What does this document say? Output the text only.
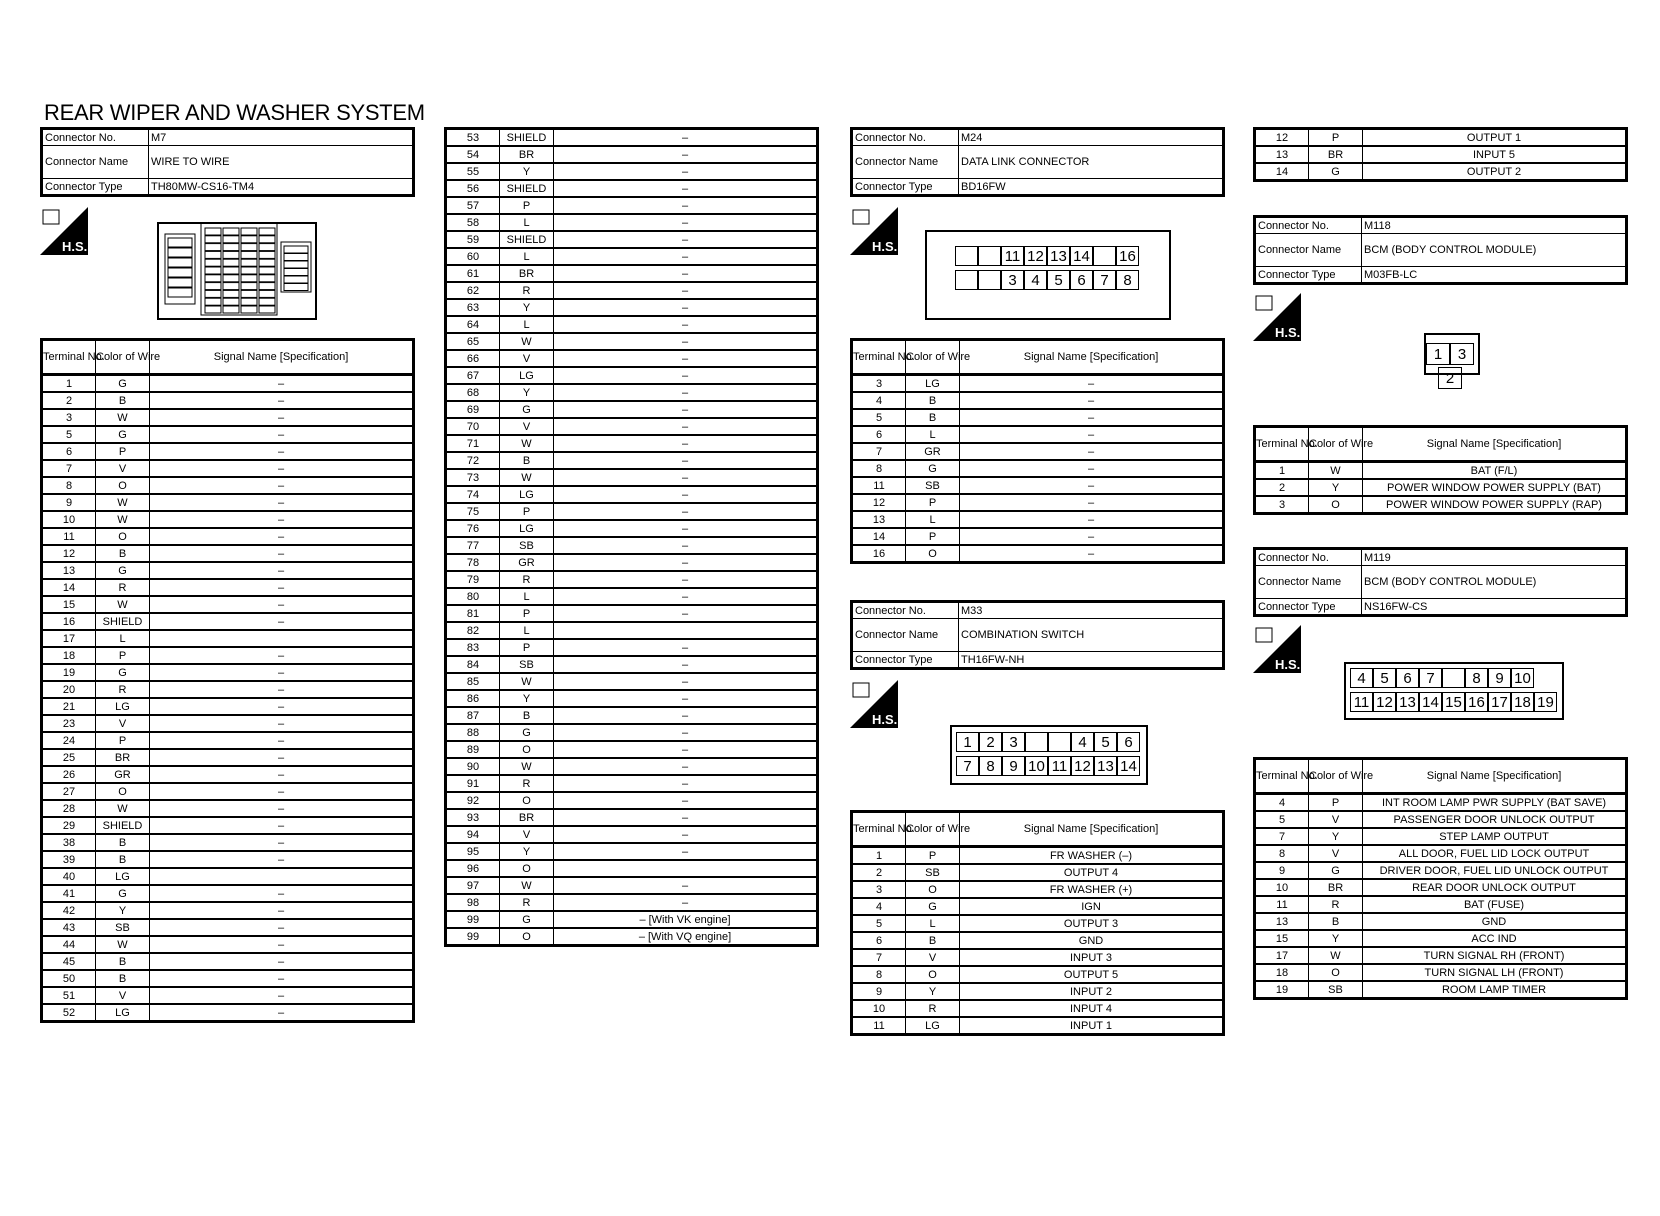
REAR WIPER AND WASHER SYSTEM
Connector No.	M7
Connector Name	WIRE TO WIRE
Connector Type	TH80MW-CS16-TM4
H.S.
Terminal No.	Color of Wire	Signal Name [Specification]
1	G	–
2	B	–
3	W	–
5	G	–
6	P	–
7	V	–
8	O	–
9	W	–
10	W	–
11	O	–
12	B	–
13	G	–
14	R	–
15	W	–
16	SHIELD	–
17	L	
18	P	–
19	G	–
20	R	–
21	LG	–
23	V	–
24	P	–
25	BR	–
26	GR	–
27	O	–
28	W	–
29	SHIELD	–
38	B	–
39	B	–
40	LG	
41	G	–
42	Y	–
43	SB	–
44	W	–
45	B	–
50	B	–
51	V	–
52	LG	–
53	SHIELD	–
54	BR	–
55	Y	–
56	SHIELD	–
57	P	–
58	L	–
59	SHIELD	–
60	L	–
61	BR	–
62	R	–
63	Y	–
64	L	–
65	W	–
66	V	–
67	LG	–
68	Y	–
69	G	–
70	V	–
71	W	–
72	B	–
73	W	–
74	LG	–
75	P	–
76	LG	–
77	SB	–
78	GR	–
79	R	–
80	L	–
81	P	–
82	L	
83	P	–
84	SB	–
85	W	–
86	Y	–
87	B	–
88	G	–
89	O	–
90	W	–
91	R	–
92	O	–
93	BR	–
94	V	–
95	Y	–
96	O	
97	W	–
98	R	–
99	G	– [With VK engine]
99	O	– [With VQ engine]
Connector No.	M24
Connector Name	DATA LINK CONNECTOR
Connector Type	BD16FW
H.S.
11 12 13 14 16
3 4 5 6 7 8
Terminal No.	Color of Wire	Signal Name [Specification]
3	LG	–
4	B	–
5	B	–
6	L	–
7	GR	–
8	G	–
11	SB	–
12	P	–
13	L	–
14	P	–
16	O	–
Connector No.	M33
Connector Name	COMBINATION SWITCH
Connector Type	TH16FW-NH
H.S.
1 2 3	4 5 6
7 8 9 10 11 12 13 14
Terminal No.	Color of Wire	Signal Name [Specification]
1	P	FR WASHER (–)
2	SB	OUTPUT 4
3	O	FR WASHER (+)
4	G	IGN
5	L	OUTPUT 3
6	B	GND
7	V	INPUT 3
8	O	OUTPUT 5
9	Y	INPUT 2
10	R	INPUT 4
11	LG	INPUT 1
12	P	OUTPUT 1
13	BR	INPUT 5
14	G	OUTPUT 2
Connector No.	M118
Connector Name	BCM (BODY CONTROL MODULE)
Connector Type	M03FB-LC
H.S.
1	3
2
Terminal No.	Color of Wire	Signal Name [Specification]
1	W	BAT (F/L)
2	Y	POWER WINDOW POWER SUPPLY (BAT)
3	O	POWER WINDOW POWER SUPPLY (RAP)
Connector No.	M119
Connector Name	BCM (BODY CONTROL MODULE)
Connector Type	NS16FW-CS
H.S.
4 5 6 7	8 9 10
11 12 13 14 15 16 17 18 19
Terminal No.	Color of Wire	Signal Name [Specification]
4	P	INT ROOM LAMP PWR SUPPLY (BAT SAVE)
5	V	PASSENGER DOOR UNLOCK OUTPUT
7	Y	STEP LAMP OUTPUT
8	V	ALL DOOR, FUEL LID LOCK OUTPUT
9	G	DRIVER DOOR, FUEL LID UNLOCK OUTPUT
10	BR	REAR DOOR UNLOCK OUTPUT
11	R	BAT (FUSE)
13	B	GND
15	Y	ACC IND
17	W	TURN SIGNAL RH (FRONT)
18	O	TURN SIGNAL LH (FRONT)
19	SB	ROOM LAMP TIMER
